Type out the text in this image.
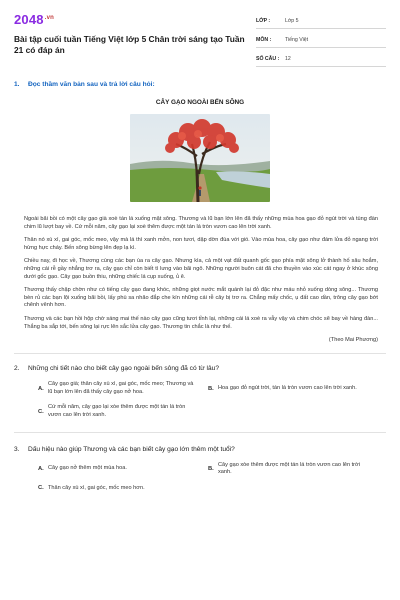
$2048^{.vn}$
Bài tập cuối tuần Tiếng Việt lớp 5 Chân trời sáng tạo Tuần 21 có đáp án
LỚP :	Lớp 5
MÔN :	Tiếng Việt
SỐ CÂU :	12
1.	Đọc thầm văn bản sau và trả lời câu hỏi:
CÂY GẠO NGOÀI BẾN SÔNG

Ngoài bãi bồi có một cây gạo già xoè tán lá xuống mặt sông. Thương và lũ bạn lớn lên đã thấy những mùa hoa gạo đỏ ngút trời và tùng đàn chim lũ lượt bay về. Cứ mỗi năm, cây gạo lại xoè thêm được một tán lá tròn vươn cao lên trời xanh.

Thân nó xù xì, gai góc, mốc meo, vậy mà lá thì xanh mởn, non tươi, dập dờn đùa với gió. Vào mùa hoa, cây gạo như đám lửa đỏ ngang trời hừng hực cháy. Bến sông bừng lên đẹp lạ kì.

Chiều nay, đi học về, Thương cùng các bạn ùa ra cây gạo. Nhưng kìa, cả một vạt đất quanh gốc gạo phía mặt sông lở thành hố sâu hoắm, những cái rễ gầy nhẳng trơ ra, cây gạo chỉ còn biết tì lưng vào bãi ngô. Những người buôn cát đã cho thuyền vào xúc cát ngay ở khúc sông dưới gốc gạo. Cây gạo buồn thiu, những chiếc lá cụp xuống, ủ ê.

Thương thấy chập chờn như có tiếng cây gạo đang khóc, những giọt nước mắt quánh lại đỏ đặc như máu nhỏ xuống dòng sông... Thương bèn rủ các bạn lội xuống bãi bồi, lấy phù sa nhão đắp che kín những cái rễ cây bị trơ ra. Chẳng mấy chốc, ụ đất cao dần, trông cây gạo bớt chênh vênh hơn.

Thương và các bạn hồi hộp chờ sáng mai thế nào cây gạo cũng tươi tỉnh lại, những cái lá xoè ra vẫy vậy và chim chóc sẽ bay về hàng đàn... Thắng ba sắp tới, bến sông lại rực lên sắc lửa cây gạo. Thương tin chắc là như thế.

(Theo Mai Phương)
2.	Những chi tiết nào cho biết cây gạo ngoài bến sông đã có từ lâu?
A.
Cây gạo già; thân cây xù xì, gai góc, mốc meo; Thương và lũ bạn lớn lên đã thấy cây gạo nở hoa.	B. Hoa gạo đỏ ngút trời, tán lá tròn vươn cao lên trời xanh.
C.
Cứ mỗi năm, cây gạo lại xòe thêm được một tán lá tròn vươn cao lên trời xanh.
3.	Dấu hiệu nào giúp Thương và các bạn biết cây gạo lớn thêm một tuổi?
A. Cây gạo nở thêm một mùa hoa.	B.
Cây gạo xòe thêm được một tán lá tròn vươn cao lên trời xanh.
C. Thân cây xù xì, gai góc, mốc meo hơn.
